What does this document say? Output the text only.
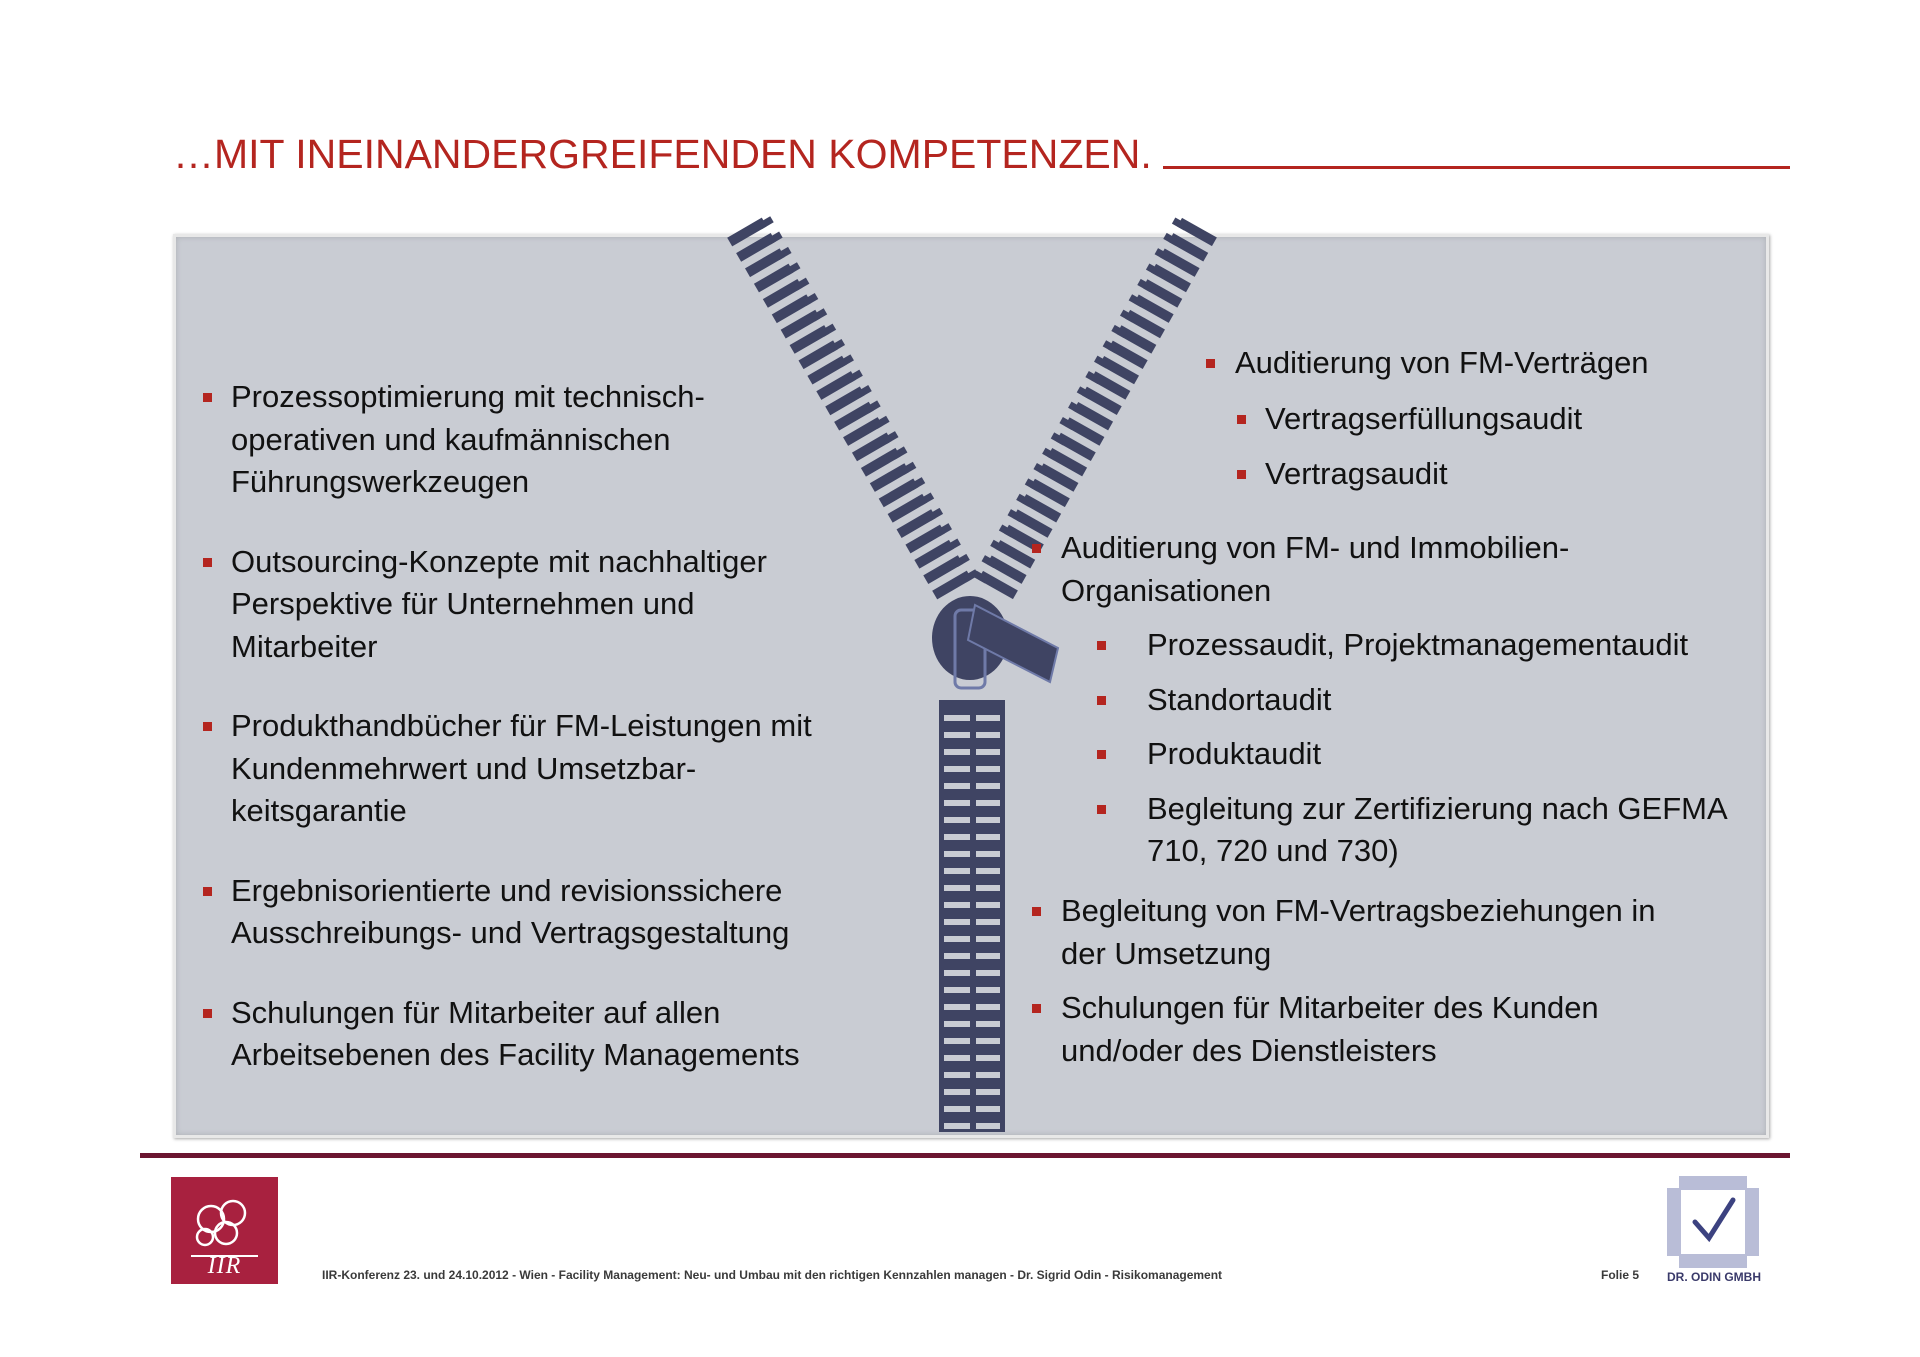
…MIT INEINANDERGREIFENDEN KOMPETENZEN.
Prozessoptimierung mit technisch-
operativen und kaufmännischen
Führungswerkzeugen
Outsourcing-Konzepte mit nachhaltiger
Perspektive für Unternehmen und
Mitarbeiter
Produkthandbücher für FM-Leistungen mit
Kundenmehrwert und Umsetzbar-
keitsgarantie
Ergebnisorientierte und revisionssichere
Ausschreibungs- und Vertragsgestaltung
Schulungen für Mitarbeiter auf allen
Arbeitsebenen des Facility Managements
Auditierung von FM-Verträgen
Vertragserfüllungsaudit
Vertragsaudit
Auditierung von FM- und Immobilien-
Organisationen
Prozessaudit, Projektmanagementaudit
Standortaudit
Produktaudit
Begleitung zur Zertifizierung nach GEFMA
710, 720 und 730)
Begleitung von FM-Vertragsbeziehungen in
der Umsetzung
Schulungen für Mitarbeiter des Kunden
und/oder des Dienstleisters
IIR	IIR-Konferenz 23. und 24.10.2012 - Wien - Facility Management: Neu- und Umbau mit den richtigen Kennzahlen managen - Dr. Sigrid Odin - Risikomanagement	Folie 5 DR. ODIN GMBH
